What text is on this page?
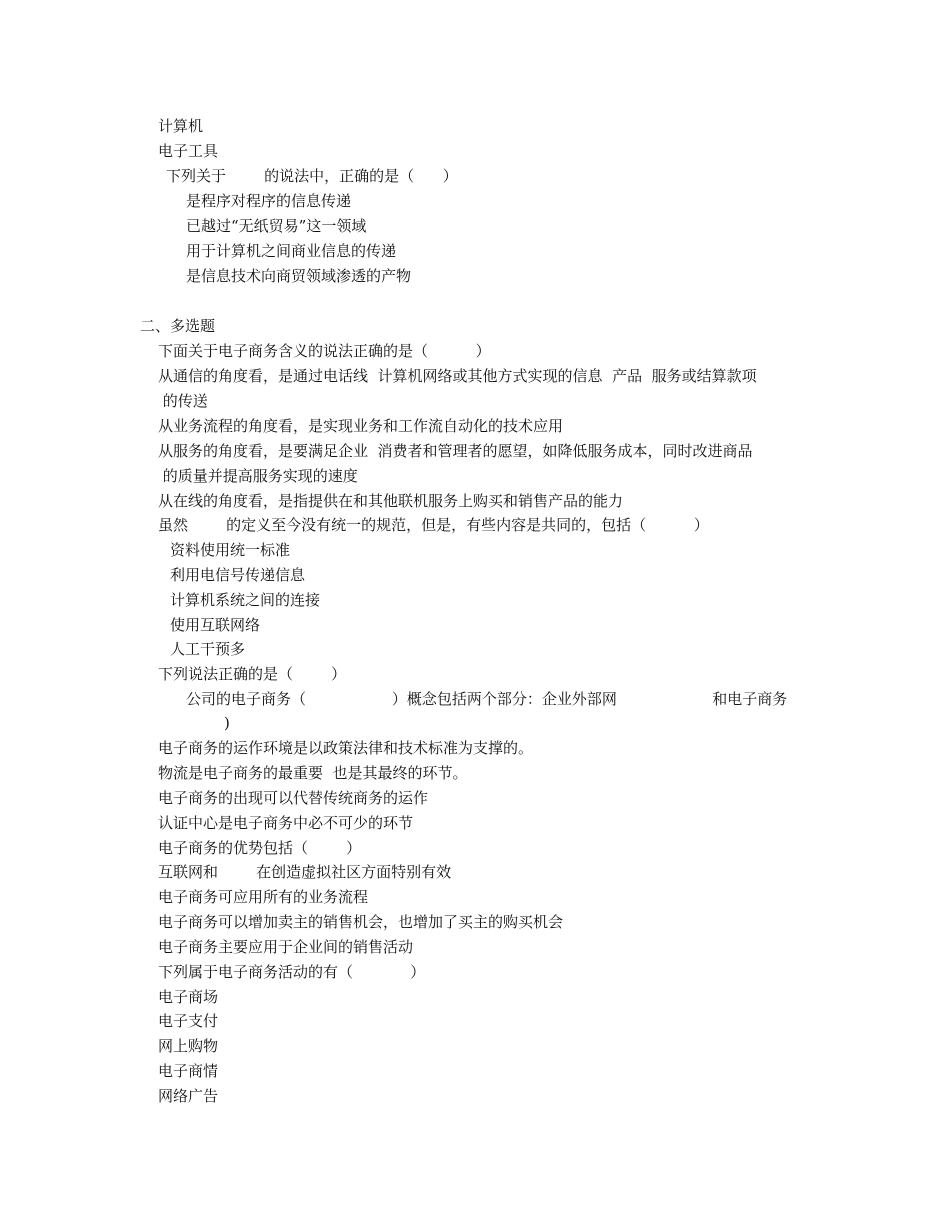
计算机
电子工具
下列关于        的说法中，正确的是（      ）
是程序对程序的信息传递
已越过“无纸贸易”这一领域
用于计算机之间商业信息的传递
是信息技术向商贸领域渗透的产物
二、多选题
下面关于电子商务含义的说法正确的是（          ）
从通信的角度看，是通过电话线  计算机网络或其他方式实现的信息  产品  服务或结算款项
的传送
从业务流程的角度看，是实现业务和工作流自动化的技术应用
从服务的角度看，是要满足企业  消费者和管理者的愿望，如降低服务成本，同时改进商品
的质量并提高服务实现的速度
从在线的角度看，是指提供在和其他联机服务上购买和销售产品的能力
虽然        的定义至今没有统一的规范，但是，有些内容是共同的，包括（          ）
资料使用统一标准
利用电信号传递信息
计算机系统之间的连接
使用互联网络
人工干预多
下列说法正确的是（        ）
公司的电子商务（                  ）概念包括两个部分：企业外部网                    和电子商务
)
电子商务的运作环境是以政策法律和技术标准为支撑的。
物流是电子商务的最重要  也是其最终的环节。
电子商务的出现可以代替传统商务的运作
认证中心是电子商务中必不可少的环节
电子商务的优势包括（        ）
互联网和        在创造虚拟社区方面特别有效
电子商务可应用所有的业务流程
电子商务可以增加卖主的销售机会，也增加了买主的购买机会
电子商务主要应用于企业间的销售活动
下列属于电子商务活动的有（            ）
电子商场
电子支付
网上购物
电子商情
网络广告
